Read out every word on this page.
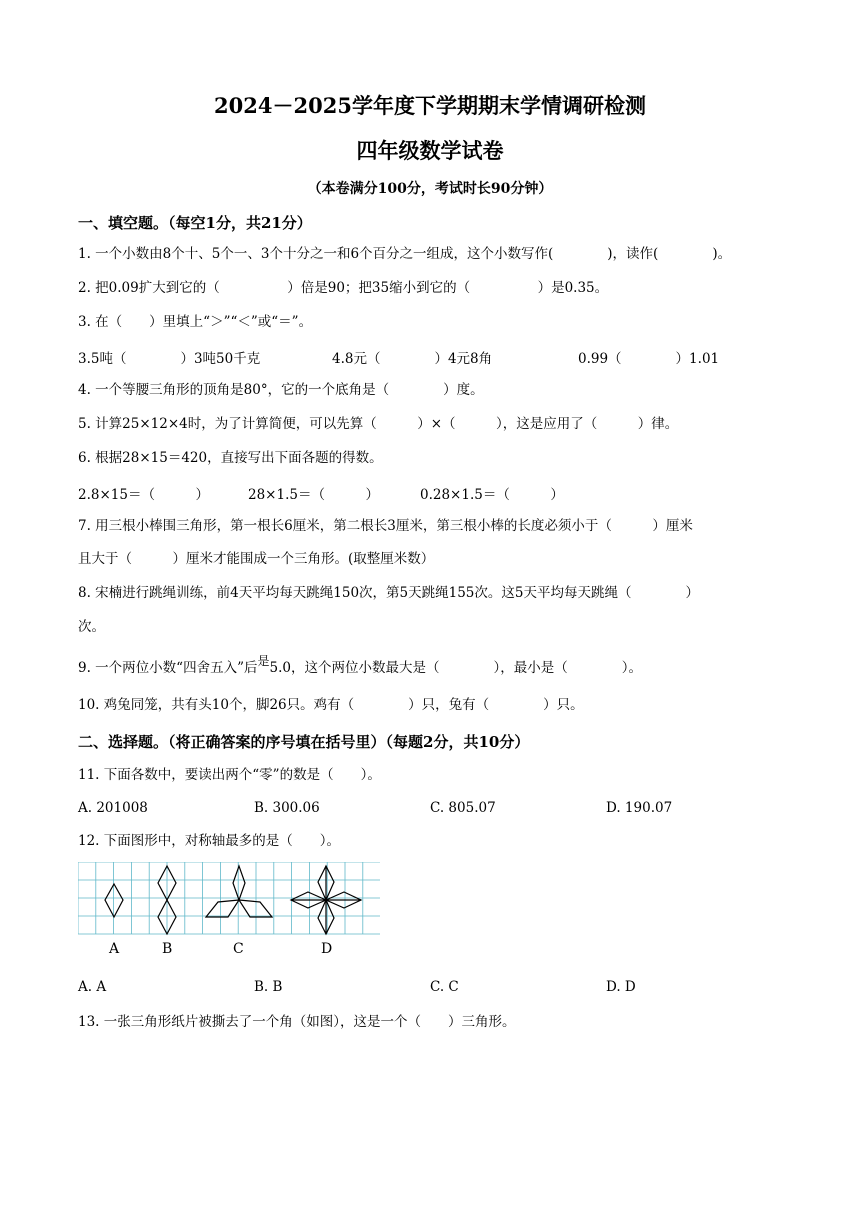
2024－2025学年度下学期期末学情调研检测
四年级数学试卷
（本卷满分100分，考试时长90分钟）
一、填空题。（每空1分，共21分）
1. 一个小数由8个十、5个一、3个十分之一和6个百分之一组成，这个小数写作(　　　　)，读作(　　　　)。
2. 把0.09扩大到它的（　　　　　）倍是90；把35缩小到它的（　　　　　）是0.35。
3. 在（　　）里填上“＞”“＜”或“＝”。
3.5吨（　　　　）3吨50千克	4.8元（　　　　）4元8角	0.99（　　　　）1.01
4. 一个等腰三角形的顶角是80°，它的一个底角是（　　　　）度。
5. 计算25×12×4时，为了计算简便，可以先算（　　　）×（　　　），这是应用了（　　　）律。
6. 根据28×15＝420，直接写出下面各题的得数。
2.8×15＝（　　　）	28×1.5＝（　　　）	0.28×1.5＝（　　　）
7. 用三根小棒围三角形，第一根长6厘米，第二根长3厘米，第三根小棒的长度必须小于（　　　）厘米
且大于（　　　）厘米才能围成一个三角形。(取整厘米数）
8. 宋楠进行跳绳训练，前4天平均每天跳绳150次，第5天跳绳155次。这5天平均每天跳绳（　　　　）
次。
9. 一个两位小数“四舍五入”后是5.0，这个两位小数最大是（　　　　），最小是（　　　　）。
10. 鸡兔同笼，共有头10个，脚26只。鸡有（　　　　）只，兔有（　　　　）只。
二、选择题。（将正确答案的序号填在括号里）（每题2分，共10分）
11. 下面各数中，要读出两个“零”的数是（　　）。
A. 201008	B. 300.06	C. 805.07	D. 190.07
12. 下面图形中，对称轴最多的是（　　）。
A	B	C	D
A. A	B. B	C. C	D. D
13. 一张三角形纸片被撕去了一个角（如图），这是一个（　　）三角形。
